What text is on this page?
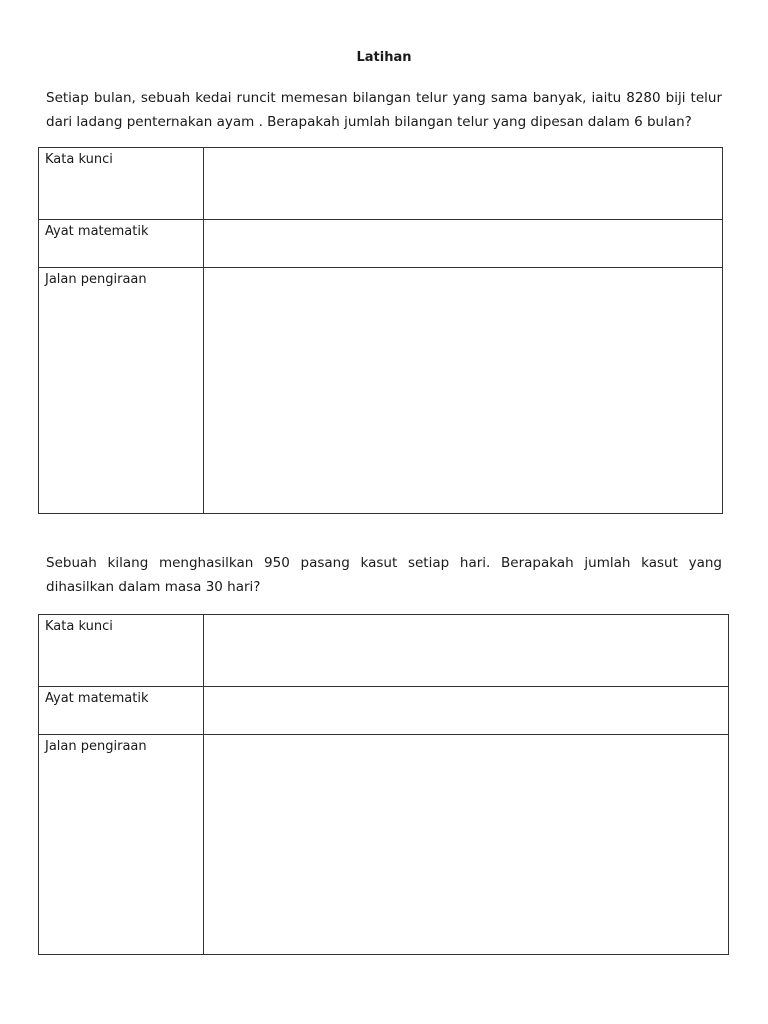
Latihan
Setiap bulan, sebuah kedai runcit memesan bilangan telur yang sama banyak, iaitu 8280 biji telur dari ladang penternakan ayam . Berapakah jumlah bilangan telur yang dipesan dalam 6 bulan?
Kata kunci	
Ayat matematik	
Jalan pengiraan	
Sebuah kilang menghasilkan 950 pasang kasut setiap hari. Berapakah jumlah kasut yang dihasilkan dalam masa 30 hari?
Kata kunci	
Ayat matematik	
Jalan pengiraan	
